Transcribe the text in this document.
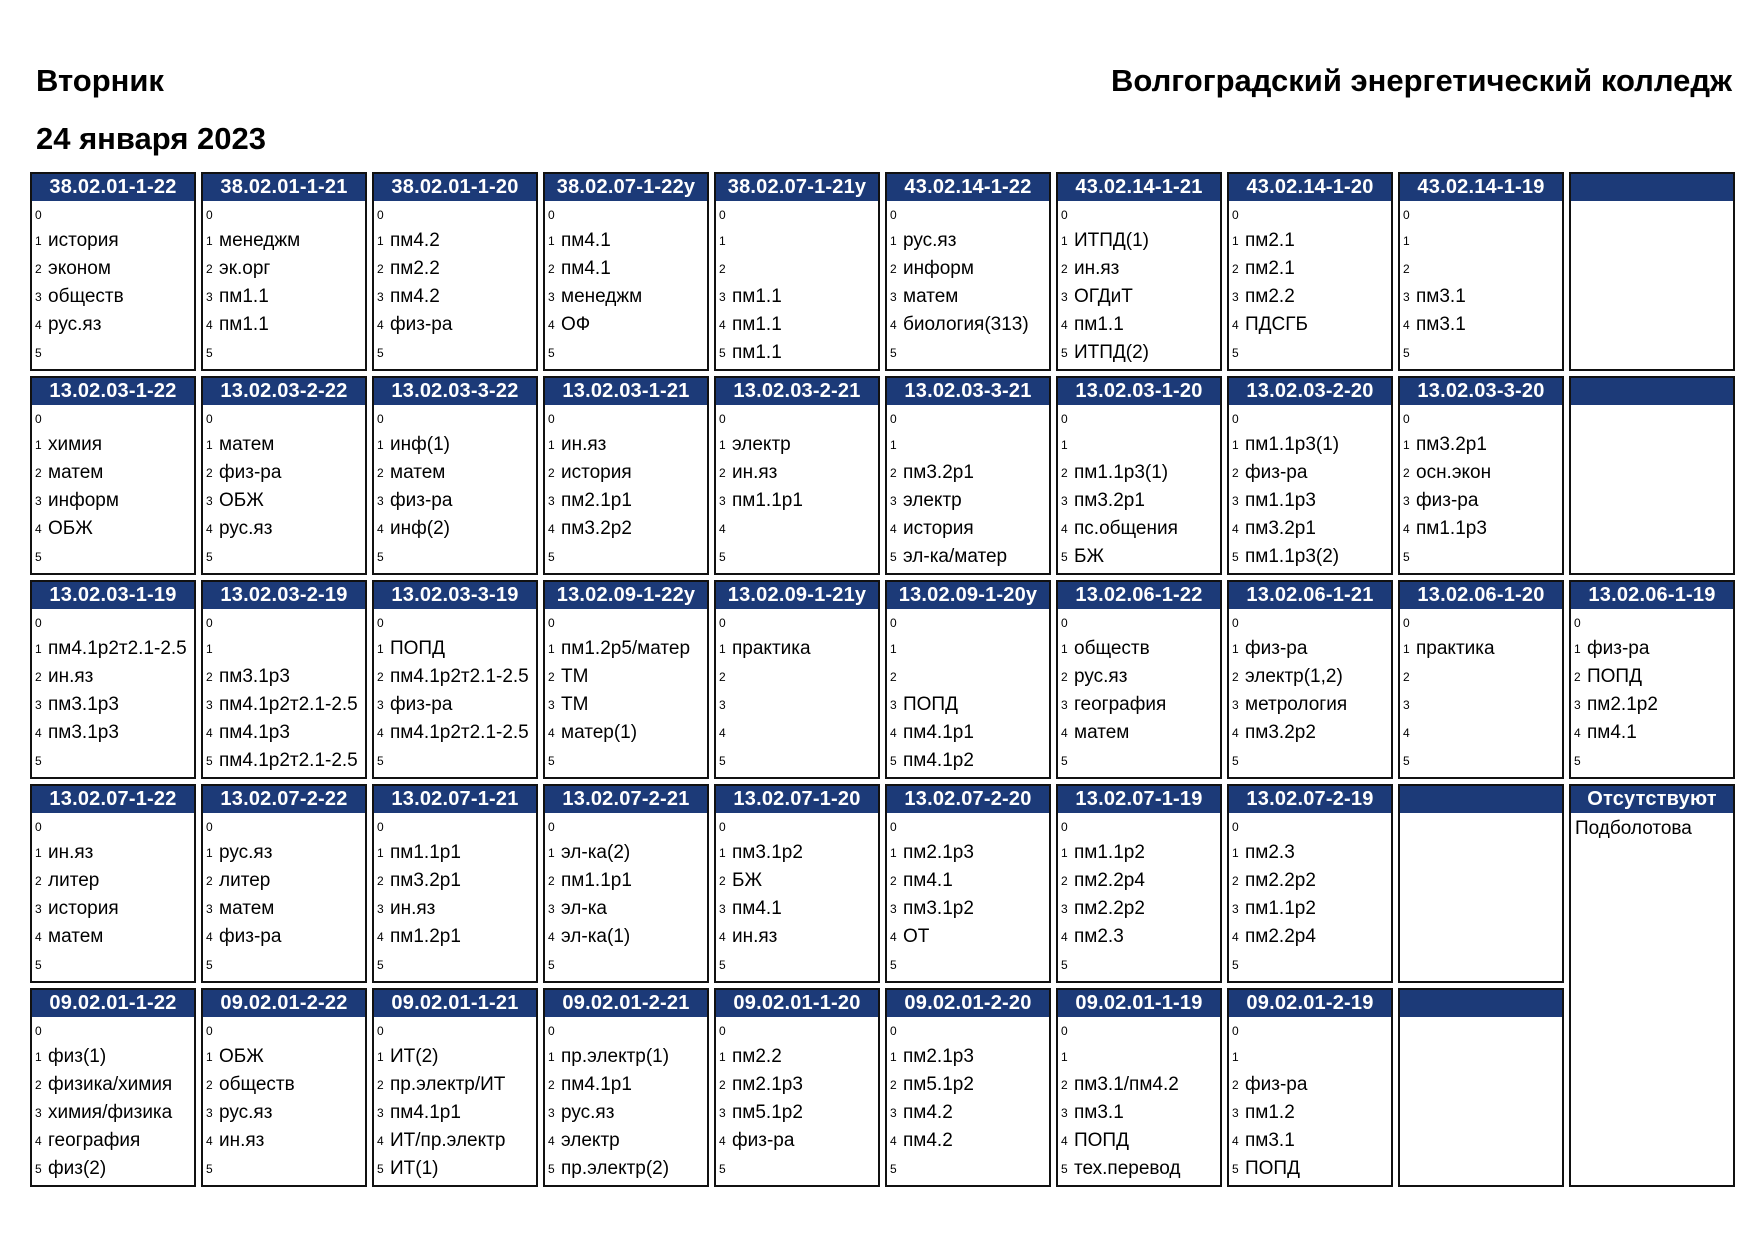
Вторник
24 января 2023
Волгоградский энергетический колледж
38.02.01-1-22
0
1 история
2 эконом
3 обществ
4 рус.яз
5
38.02.01-1-21
0
1 менеджм
2 эк.орг
3 пм1.1
4 пм1.1
5
38.02.01-1-20
0
1 пм4.2
2 пм2.2
3 пм4.2
4 физ-ра
5
38.02.07-1-22у
0
1 пм4.1
2 пм4.1
3 менеджм
4 ОФ
5
38.02.07-1-21у
0
1
2
3 пм1.1
4 пм1.1
5 пм1.1
43.02.14-1-22
0
1 рус.яз
2 информ
3 матем
4 биология(313)
5
43.02.14-1-21
0
1 ИТПД(1)
2 ин.яз
3 ОГДиТ
4 пм1.1
5 ИТПД(2)
43.02.14-1-20
0
1 пм2.1
2 пм2.1
3 пм2.2
4 ПДСГБ
5
43.02.14-1-19
0
1
2
3 пм3.1
4 пм3.1
5
13.02.03-1-22
0
1 химия
2 матем
3 информ
4 ОБЖ
5
13.02.03-2-22
0
1 матем
2 физ-ра
3 ОБЖ
4 рус.яз
5
13.02.03-3-22
0
1 инф(1)
2 матем
3 физ-ра
4 инф(2)
5
13.02.03-1-21
0
1 ин.яз
2 история
3 пм2.1р1
4 пм3.2р2
5
13.02.03-2-21
0
1 электр
2 ин.яз
3 пм1.1р1
4
5
13.02.03-3-21
0
1
2 пм3.2р1
3 электр
4 история
5 эл-ка/матер
13.02.03-1-20
0
1
2 пм1.1р3(1)
3 пм3.2р1
4 пс.общения
5 БЖ
13.02.03-2-20
0
1 пм1.1р3(1)
2 физ-ра
3 пм1.1р3
4 пм3.2р1
5 пм1.1р3(2)
13.02.03-3-20
0
1 пм3.2р1
2 осн.экон
3 физ-ра
4 пм1.1р3
5
13.02.03-1-19
0
1 пм4.1р2т2.1-2.5
2 ин.яз
3 пм3.1р3
4 пм3.1р3
5
13.02.03-2-19
0
1
2 пм3.1р3
3 пм4.1р2т2.1-2.5
4 пм4.1р3
5 пм4.1р2т2.1-2.5
13.02.03-3-19
0
1 ПОПД
2 пм4.1р2т2.1-2.5
3 физ-ра
4 пм4.1р2т2.1-2.5
5
13.02.09-1-22у
0
1 пм1.2р5/матер
2 ТМ
3 ТМ
4 матер(1)
5
13.02.09-1-21у
0
1 практика
2
3
4
5
13.02.09-1-20у
0
1
2
3 ПОПД
4 пм4.1р1
5 пм4.1р2
13.02.06-1-22
0
1 обществ
2 рус.яз
3 география
4 матем
5
13.02.06-1-21
0
1 физ-ра
2 электр(1,2)
3 метрология
4 пм3.2р2
5
13.02.06-1-20
0
1 практика
2
3
4
5
13.02.06-1-19
0
1 физ-ра
2 ПОПД
3 пм2.1р2
4 пм4.1
5
13.02.07-1-22
0
1 ин.яз
2 литер
3 история
4 матем
5
13.02.07-2-22
0
1 рус.яз
2 литер
3 матем
4 физ-ра
5
13.02.07-1-21
0
1 пм1.1р1
2 пм3.2р1
3 ин.яз
4 пм1.2р1
5
13.02.07-2-21
0
1 эл-ка(2)
2 пм1.1р1
3 эл-ка
4 эл-ка(1)
5
13.02.07-1-20
0
1 пм3.1р2
2 БЖ
3 пм4.1
4 ин.яз
5
13.02.07-2-20
0
1 пм2.1р3
2 пм4.1
3 пм3.1р2
4 ОТ
5
13.02.07-1-19
0
1 пм1.1р2
2 пм2.2р4
3 пм2.2р2
4 пм2.3
5
13.02.07-2-19
0
1 пм2.3
2 пм2.2р2
3 пм1.1р2
4 пм2.2р4
5
Отсутствуют
Подболотова
09.02.01-1-22
0
1 физ(1)
2 физика/химия
3 химия/физика
4 география
5 физ(2)
09.02.01-2-22
0
1 ОБЖ
2 обществ
3 рус.яз
4 ин.яз
5
09.02.01-1-21
0
1 ИТ(2)
2 пр.электр/ИТ
3 пм4.1р1
4 ИТ/пр.электр
5 ИТ(1)
09.02.01-2-21
0
1 пр.электр(1)
2 пм4.1р1
3 рус.яз
4 электр
5 пр.электр(2)
09.02.01-1-20
0
1 пм2.2
2 пм2.1р3
3 пм5.1р2
4 физ-ра
5
09.02.01-2-20
0
1 пм2.1р3
2 пм5.1р2
3 пм4.2
4 пм4.2
5
09.02.01-1-19
0
1
2 пм3.1/пм4.2
3 пм3.1
4 ПОПД
5 тех.перевод
09.02.01-2-19
0
1
2 физ-ра
3 пм1.2
4 пм3.1
5 ПОПД
